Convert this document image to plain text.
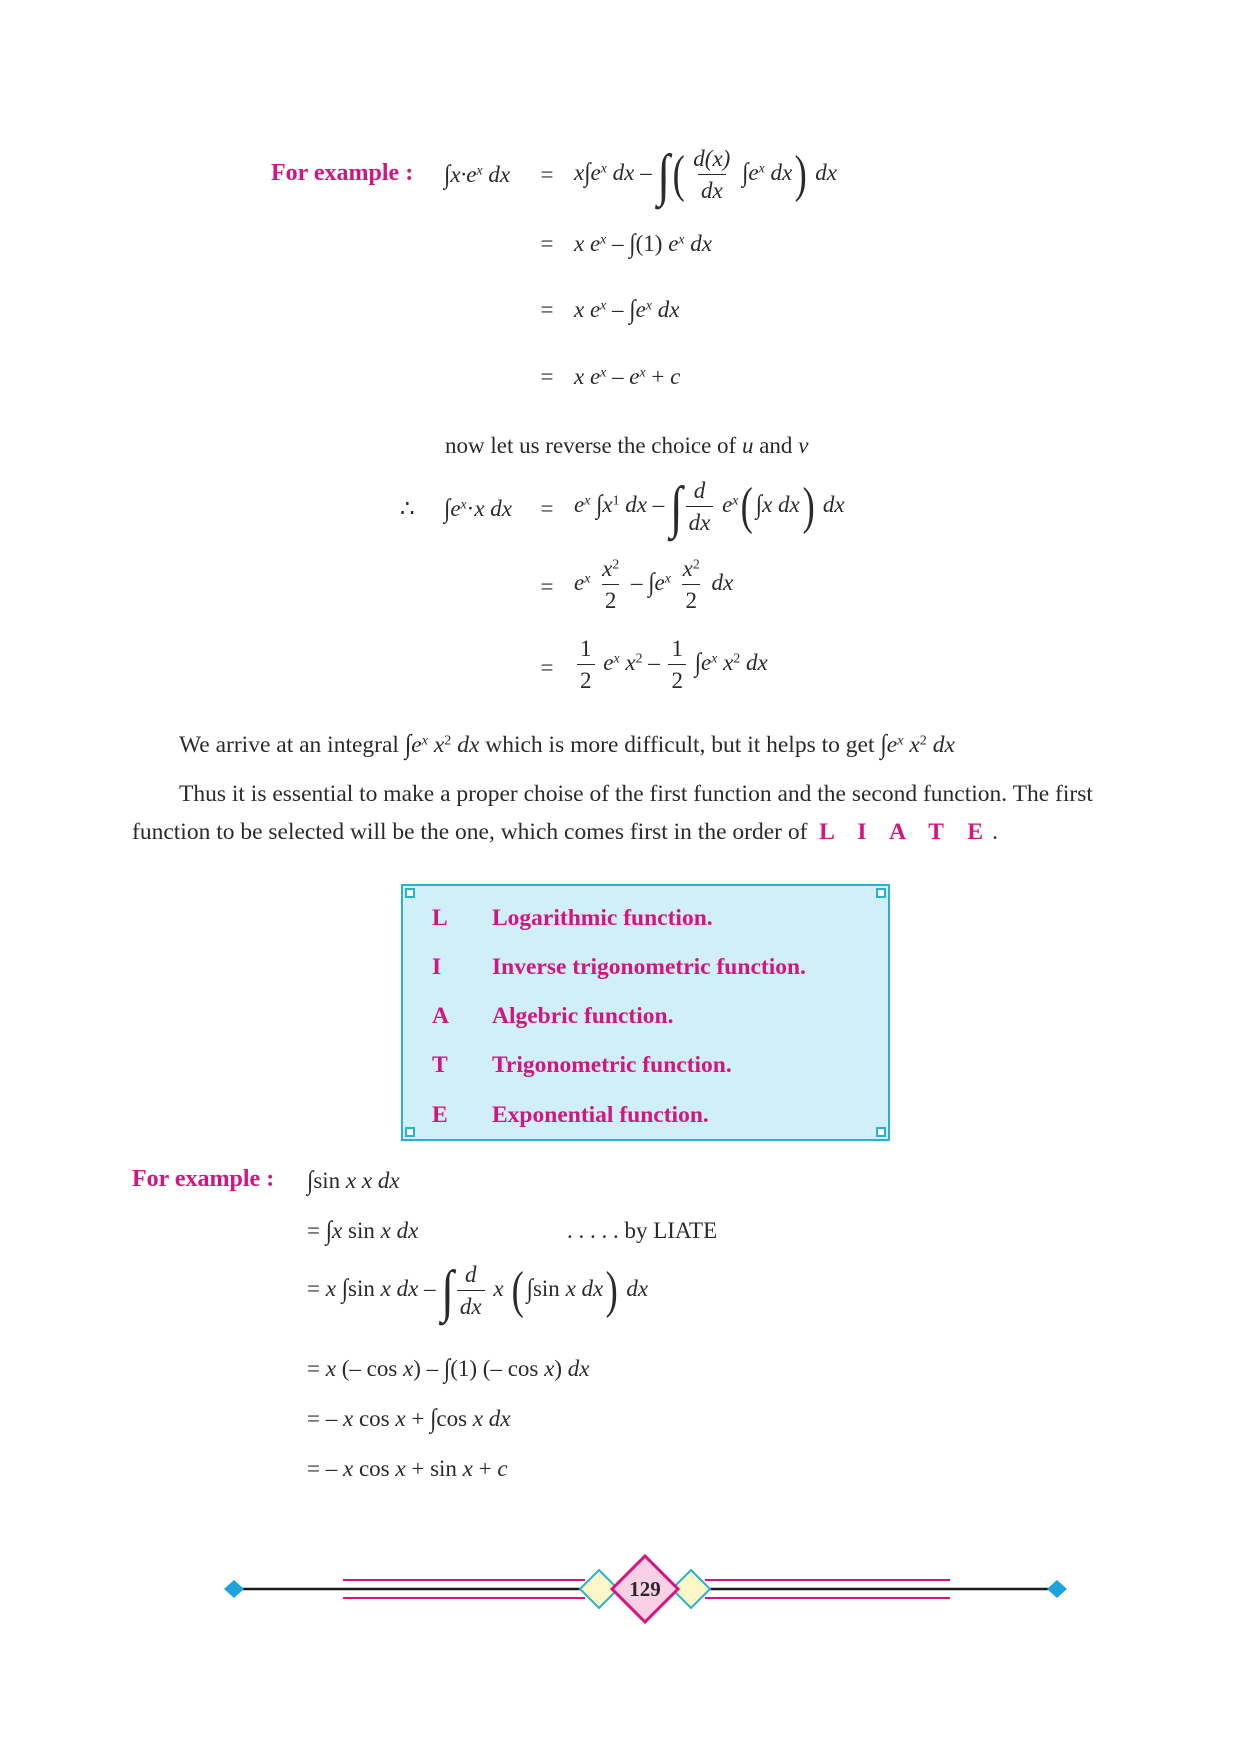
For example : $\int x\cdot e^x$ dx = $x\int e^x$ dx – ∫( $\frac{d(x)}{dx} \int e^x$ dx) dx
= x $e^x - \int(1)$ $e^x$ dx
= x $e^x - \int e^x$ dx
= x $e^x - e^x + c$
now let us reverse the choice of u and v
∴ $\int e^x\cdot x$ dx = $e^x$ $\int x^1$ dx – ∫ $\frac{d}{dx} e^x$( ∫x dx) dx
= $e^x \frac{x^2}{2} - \int e^x \frac{x^2}{2}$ dx
= $\frac{1}{2} e^x$ $x^2 - \frac{1}{2} \int e^x$ $x^2$ dx
We arrive at an integral $\int e^x$ $x^2$ dx which is more difficult, but it helps to get $\int e^x$ $x^2$ dx
Thus it is essential to make a proper choise of the first function and the second function. The first
function to be selected will be the one, which comes first in the order of L I A T E.
L Logarithmic function.
I Inverse trigonometric function.
A Algebric function.
T Trigonometric function.
E Exponential function.
For example : ∫sin x x dx
= ∫x sin x dx	. . . . . by LIATE
= x ∫sin x dx – ∫ $\frac{d}{dx}$ x ( ∫sin x dx) dx
= x (– cos x) – ∫(1) (– cos x) dx
= – x cos x + ∫cos x dx
= – x cos x + sin x + c
129
